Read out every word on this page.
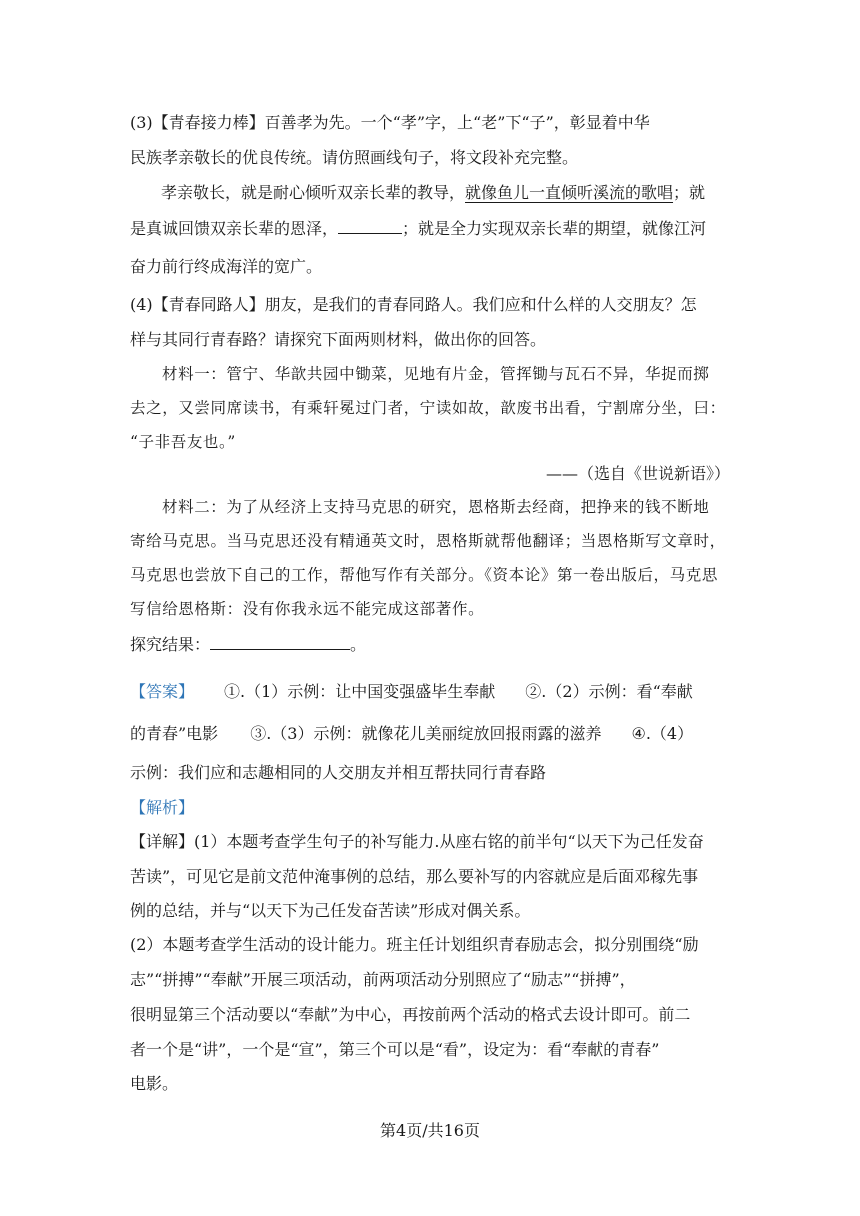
(3)【青春接力棒】百善孝为先。一个“孝”字，上“老”下“子”，彰显着中华
民族孝亲敬长的优良传统。请仿照画线句子，将文段补充完整。
孝亲敬长，就是耐心倾听双亲长辈的教导，就像鱼儿一直倾听溪流的歌唱；就
是真诚回馈双亲长辈的恩泽，	；就是全力实现双亲长辈的期望，就像江河
奋力前行终成海洋的宽广。
(4)【青春同路人】朋友，是我们的青春同路人。我们应和什么样的人交朋友？怎
样与其同行青春路？请探究下面两则材料，做出你的回答。
材料一：管宁、华歆共园中锄菜，见地有片金，管挥锄与瓦石不异，华捉而掷
去之，又尝同席读书，有乘轩冕过门者，宁读如故，歆废书出看，宁割席分坐，曰：
“子非吾友也。”
——（选自《世说新语》）
材料二：为了从经济上支持马克思的研究，恩格斯去经商，把挣来的钱不断地
寄给马克思。当马克思还没有精通英文时，恩格斯就帮他翻译；当恩格斯写文章时，
马克思也尝放下自己的工作，帮他写作有关部分。《资本论》第一卷出版后，马克思
写信给恩格斯：没有你我永远不能完成这部著作。
探究结果：	。
【答案】 ①.（1）示例：让中国变强盛毕生奉献 ②.（2）示例：看“奉献
的青春”电影 ③.（3）示例：就像花儿美丽绽放回报雨露的滋养 ④.（4）
示例：我们应和志趣相同的人交朋友并相互帮扶同行青春路
【解析】
【详解】(1）本题考查学生句子的补写能力.从座右铭的前半句“以天下为己任发奋
苦读”，可见它是前文范仲淹事例的总结，那么要补写的内容就应是后面邓稼先事
例的总结，并与“以天下为己任发奋苦读”形成对偶关系。
(2）本题考查学生活动的设计能力。班主任计划组织青春励志会，拟分别围绕“励
志”“拼搏”“奉献”开展三项活动，前两项活动分别照应了“励志”“拼搏”，
很明显第三个活动要以“奉献”为中心，再按前两个活动的格式去设计即可。前二
者一个是“讲”，一个是“宣”，第三个可以是“看”，设定为：看“奉献的青春”
电影。
第4页/共16页
